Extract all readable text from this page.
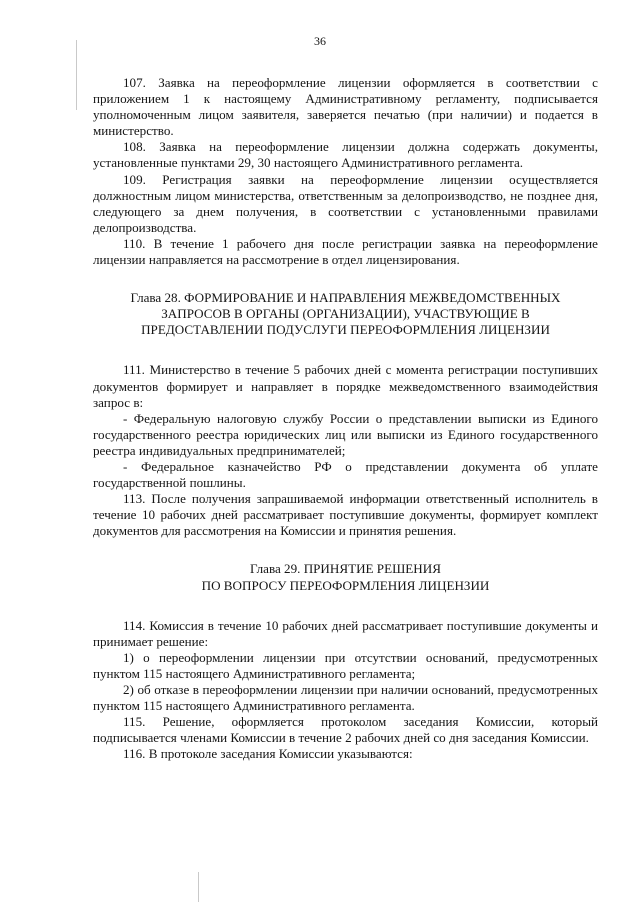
36

107. Заявка на переоформление лицензии оформляется в соответствии с приложением 1 к настоящему Административному регламенту, подписывается уполномоченным лицом заявителя, заверяется печатью (при наличии) и подается в министерство.

108. Заявка на переоформление лицензии должна содержать документы, установленные пунктами 29, 30 настоящего Административного регламента.

109. Регистрация заявки на переоформление лицензии осуществляется должностным лицом министерства, ответственным за делопроизводство, не позднее дня, следующего за днем получения, в соответствии с установленными правилами делопроизводства.

110. В течение 1 рабочего дня после регистрации заявка на переоформление лицензии направляется на рассмотрение в отдел лицензирования.

Глава 28. ФОРМИРОВАНИЕ И НАПРАВЛЕНИЯ МЕЖВЕДОМСТВЕННЫХ
ЗАПРОСОВ В ОРГАНЫ (ОРГАНИЗАЦИИ), УЧАСТВУЮЩИЕ В
ПРЕДОСТАВЛЕНИИ ПОДУСЛУГИ ПЕРЕОФОРМЛЕНИЯ ЛИЦЕНЗИИ

111. Министерство в течение 5 рабочих дней с момента регистрации поступивших документов формирует и направляет в порядке межведомственного взаимодействия запрос в:

- Федеральную налоговую службу России о представлении выписки из Единого государственного реестра юридических лиц или выписки из Единого государственного реестра индивидуальных предпринимателей;

- Федеральное казначейство РФ о представлении документа об уплате государственной пошлины.

113. После получения запрашиваемой информации ответственный исполнитель в течение 10 рабочих дней рассматривает поступившие документы, формирует комплект документов для рассмотрения на Комиссии и принятия решения.

Глава 29. ПРИНЯТИЕ РЕШЕНИЯ
ПО ВОПРОСУ ПЕРЕОФОРМЛЕНИЯ ЛИЦЕНЗИИ

114. Комиссия в течение 10 рабочих дней рассматривает поступившие документы и принимает решение:

1) о переоформлении лицензии при отсутствии оснований, предусмотренных пунктом 115 настоящего Административного регламента;

2) об отказе в переоформлении лицензии при наличии оснований, предусмотренных пунктом 115 настоящего Административного регламента.

115. Решение, оформляется протоколом заседания Комиссии, который подписывается членами Комиссии в течение 2 рабочих дней со дня заседания Комиссии.

116. В протоколе заседания Комиссии указываются:
